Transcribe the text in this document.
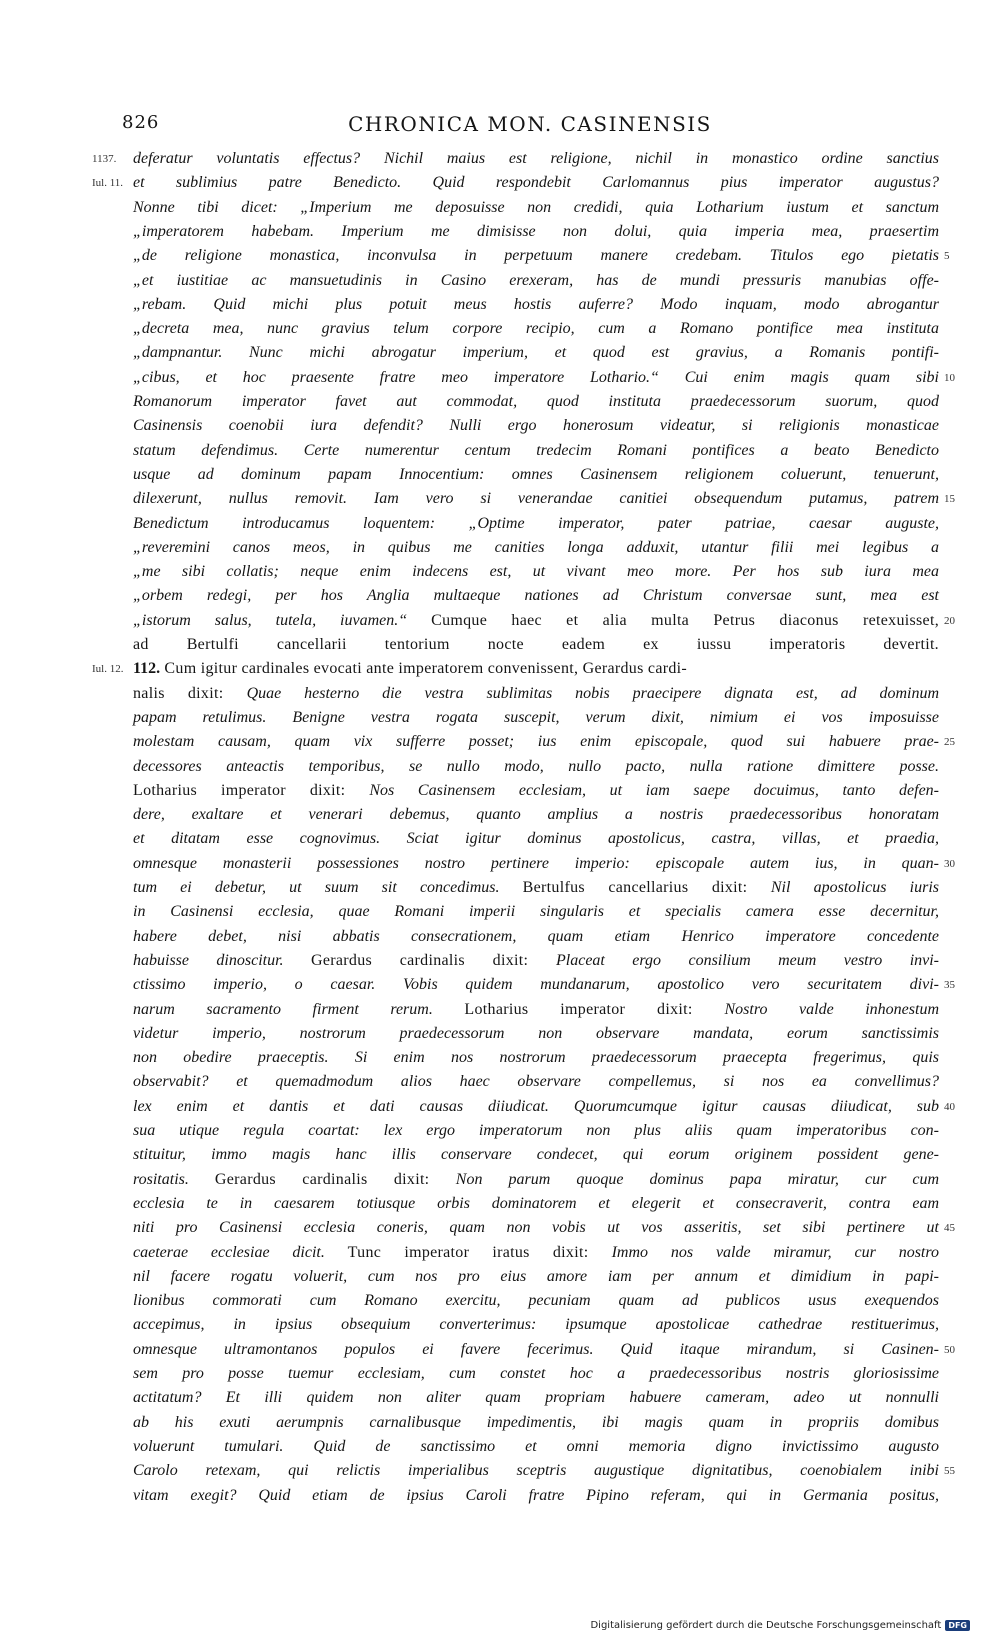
826	CHRONICA MON. CASINENSIS
1137.
Iul. 11.
Iul. 12.
5
10
15
20
25
30
35
40
45
50
55
deferatur voluntatis effectus? Nichil maius est religione, nichil in monastico ordine sanctius
et sublimius patre Benedicto. Quid respondebit Carlomannus pius imperator augustus?
Nonne tibi dicet: „Imperium me deposuisse non credidi, quia Lotharium iustum et sanctum
„imperatorem habebam. Imperium me dimisisse non dolui, quia imperia mea, praesertim
„de religione monastica, inconvulsa in perpetuum manere credebam. Titulos ego pietatis
„et iustitiae ac mansuetudinis in Casino erexeram, has de mundi pressuris manubias offe-
„rebam. Quid michi plus potuit meus hostis auferre? Modo inquam, modo abrogantur
„decreta mea, nunc gravius telum corpore recipio, cum a Romano pontifice mea instituta
„dampnantur. Nunc michi abrogatur imperium, et quod est gravius, a Romanis pontifi-
„cibus, et hoc praesente fratre meo imperatore Lothario.“ Cui enim magis quam sibi
Romanorum imperator favet aut commodat, quod instituta praedecessorum suorum, quod
Casinensis coenobii iura defendit? Nulli ergo honerosum videatur, si religionis monasticae
statum defendimus. Certe numerentur centum tredecim Romani pontifices a beato Benedicto
usque ad dominum papam Innocentium: omnes Casinensem religionem coluerunt, tenuerunt,
dilexerunt, nullus removit. Iam vero si venerandae canitiei obsequendum putamus, patrem
Benedictum introducamus loquentem: „Optime imperator, pater patriae, caesar auguste,
„reveremini canos meos, in quibus me canities longa adduxit, utantur filii mei legibus a
„me sibi collatis; neque enim indecens est, ut vivant meo more. Per hos sub iura mea
„orbem redegi, per hos Anglia multaeque nationes ad Christum conversae sunt, mea est
„istorum salus, tutela, iuvamen.“ Cumque haec et alia multa Petrus diaconus retexuisset,
ad Bertulfi cancellarii tentorium nocte eadem ex iussu imperatoris devertit.
112. Cum igitur cardinales evocati ante imperatorem convenissent, Gerardus cardi-
nalis dixit: Quae hesterno die vestra sublimitas nobis praecipere dignata est, ad dominum
papam retulimus. Benigne vestra rogata suscepit, verum dixit, nimium ei vos imposuisse
molestam causam, quam vix sufferre posset; ius enim episcopale, quod sui habuere prae-
decessores anteactis temporibus, se nullo modo, nullo pacto, nulla ratione dimittere posse.
Lotharius imperator dixit: Nos Casinensem ecclesiam, ut iam saepe docuimus, tanto defen-
dere, exaltare et venerari debemus, quanto amplius a nostris praedecessoribus honoratam
et ditatam esse cognovimus. Sciat igitur dominus apostolicus, castra, villas, et praedia,
omnesque monasterii possessiones nostro pertinere imperio: episcopale autem ius, in quan-
tum ei debetur, ut suum sit concedimus. Bertulfus cancellarius dixit: Nil apostolicus iuris
in Casinensi ecclesia, quae Romani imperii singularis et specialis camera esse decernitur,
habere debet, nisi abbatis consecrationem, quam etiam Henrico imperatore concedente
habuisse dinoscitur. Gerardus cardinalis dixit: Placeat ergo consilium meum vestro invi-
ctissimo imperio, o caesar. Vobis quidem mundanarum, apostolico vero securitatem divi-
narum sacramento firment rerum. Lotharius imperator dixit: Nostro valde inhonestum
videtur imperio, nostrorum praedecessorum non observare mandata, eorum sanctissimis
non obedire praeceptis. Si enim nos nostrorum praedecessorum praecepta fregerimus, quis
observabit? et quemadmodum alios haec observare compellemus, si nos ea convellimus?
lex enim et dantis et dati causas diiudicat. Quorumcumque igitur causas diiudicat, sub
sua utique regula coartat: lex ergo imperatorum non plus aliis quam imperatoribus con-
stituitur, immo magis hanc illis conservare condecet, qui eorum originem possident gene-
rositatis. Gerardus cardinalis dixit: Non parum quoque dominus papa miratur, cur cum
ecclesia te in caesarem totiusque orbis dominatorem et elegerit et consecraverit, contra eam
niti pro Casinensi ecclesia coneris, quam non vobis ut vos asseritis, set sibi pertinere ut
caeterae ecclesiae dicit. Tunc imperator iratus dixit: Immo nos valde miramur, cur nostro
nil facere rogatu voluerit, cum nos pro eius amore iam per annum et dimidium in papi-
lionibus commorati cum Romano exercitu, pecuniam quam ad publicos usus exequendos
accepimus, in ipsius obsequium converterimus: ipsumque apostolicae cathedrae restituerimus,
omnesque ultramontanos populos ei favere fecerimus. Quid itaque mirandum, si Casinen-
sem pro posse tuemur ecclesiam, cum constet hoc a praedecessoribus nostris gloriosissime
actitatum? Et illi quidem non aliter quam propriam habuere cameram, adeo ut nonnulli
ab his exuti aerumpnis carnalibusque impedimentis, ibi magis quam in propriis domibus
voluerunt tumulari. Quid de sanctissimo et omni memoria digno invictissimo augusto
Carolo retexam, qui relictis imperialibus sceptris augustique dignitatibus, coenobialem inibi
vitam exegit? Quid etiam de ipsius Caroli fratre Pipino referam, qui in Germania positus,
Digitalisierung gefördert durch die Deutsche Forschungsgemeinschaft DFG
